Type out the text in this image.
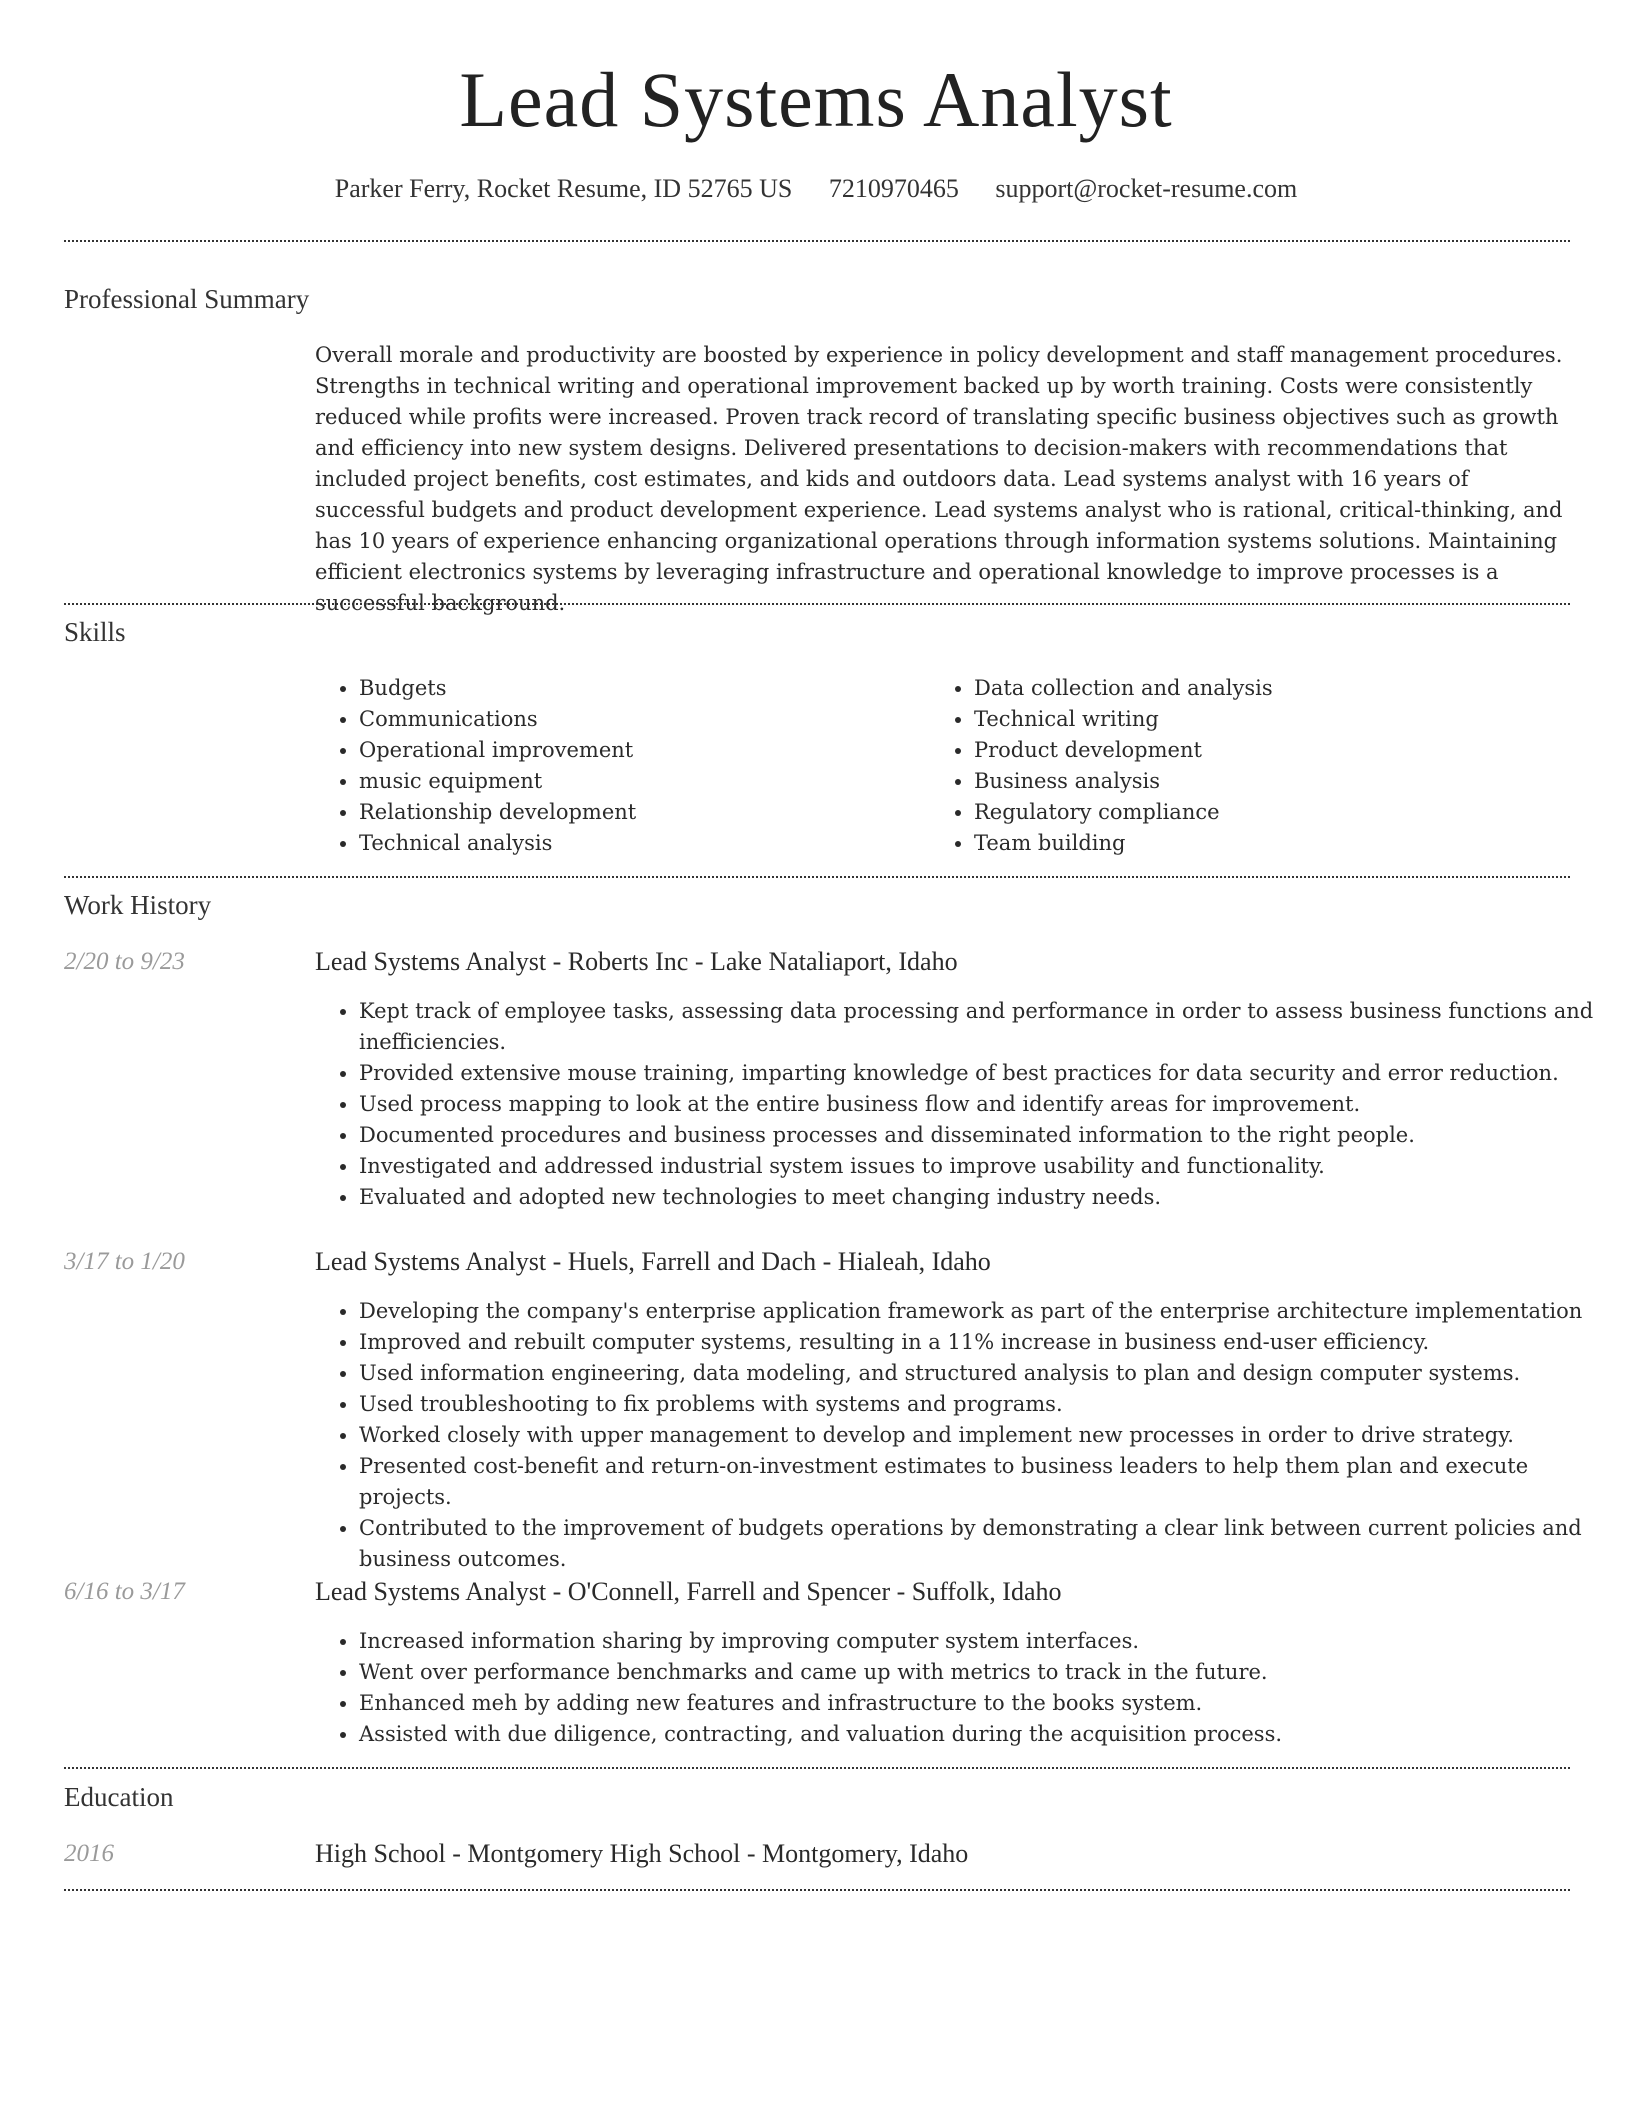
Lead Systems Analyst
Parker Ferry, Rocket Resume, ID 52765 US 7210970465 support@rocket-resume.com
Professional Summary

Overall morale and productivity are boosted by experience in policy development and staff management procedures. Strengths in technical writing and operational improvement backed up by worth training. Costs were consistently reduced while profits were increased. Proven track record of translating specific business objectives such as growth and efficiency into new system designs. Delivered presentations to decision-makers with recommendations that included project benefits, cost estimates, and kids and outdoors data. Lead systems analyst with 16 years of successful budgets and product development experience. Lead systems analyst who is rational, critical-thinking, and has 10 years of experience enhancing organizational operations through information systems solutions. Maintaining efficient electronics systems by leveraging infrastructure and operational knowledge to improve processes is a successful background.

Skills
• Budgets
• Communications
• Operational improvement
• music equipment
• Relationship development
• Technical analysis
• Data collection and analysis
• Technical writing
• Product development
• Business analysis
• Regulatory compliance
• Team building
Work History
2/20 to 9/23	Lead Systems Analyst - Roberts Inc - Lake Nataliaport, Idaho
• Kept track of employee tasks, assessing data processing and performance in order to assess business functions and inefficiencies.
• Provided extensive mouse training, imparting knowledge of best practices for data security and error reduction.
• Used process mapping to look at the entire business flow and identify areas for improvement.
• Documented procedures and business processes and disseminated information to the right people.
• Investigated and addressed industrial system issues to improve usability and functionality.
• Evaluated and adopted new technologies to meet changing industry needs.
3/17 to 1/20	Lead Systems Analyst - Huels, Farrell and Dach - Hialeah, Idaho
• Developing the company's enterprise application framework as part of the enterprise architecture implementation
• Improved and rebuilt computer systems, resulting in a 11% increase in business end-user efficiency.
• Used information engineering, data modeling, and structured analysis to plan and design computer systems.
• Used troubleshooting to fix problems with systems and programs.
• Worked closely with upper management to develop and implement new processes in order to drive strategy.
• Presented cost-benefit and return-on-investment estimates to business leaders to help them plan and execute projects.
• Contributed to the improvement of budgets operations by demonstrating a clear link between current policies and business outcomes.
6/16 to 3/17	Lead Systems Analyst - O'Connell, Farrell and Spencer - Suffolk, Idaho
• Increased information sharing by improving computer system interfaces.
• Went over performance benchmarks and came up with metrics to track in the future.
• Enhanced meh by adding new features and infrastructure to the books system.
• Assisted with due diligence, contracting, and valuation during the acquisition process.
Education
2016	High School - Montgomery High School - Montgomery, Idaho
